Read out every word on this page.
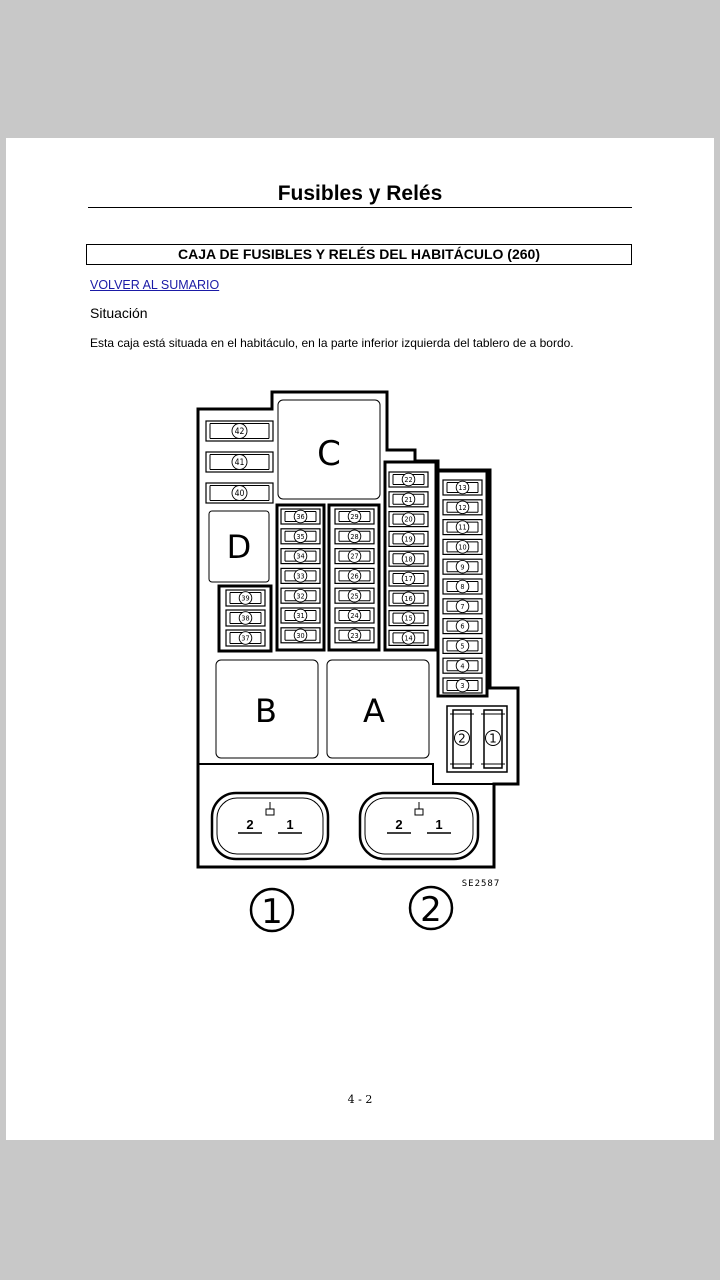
Fusibles y Relés
CAJA DE FUSIBLES Y RELÉS DEL HABITÁCULO (260)
VOLVER AL SUMARIO
Situación
Esta caja está situada en el habitáculo, en la parte inferior izquierda del tablero de a bordo.
C
D
B	A
42
41
40
39
38
37
36
35
34
33
32
31
30
29
28
27
26
25
24
23
22
21
20
19
18
17
16
15
14
13
12
11
10
9
8
7
6
5
4
3
2 1
2	1	2	1
SE2587
1	2
4 - 2
